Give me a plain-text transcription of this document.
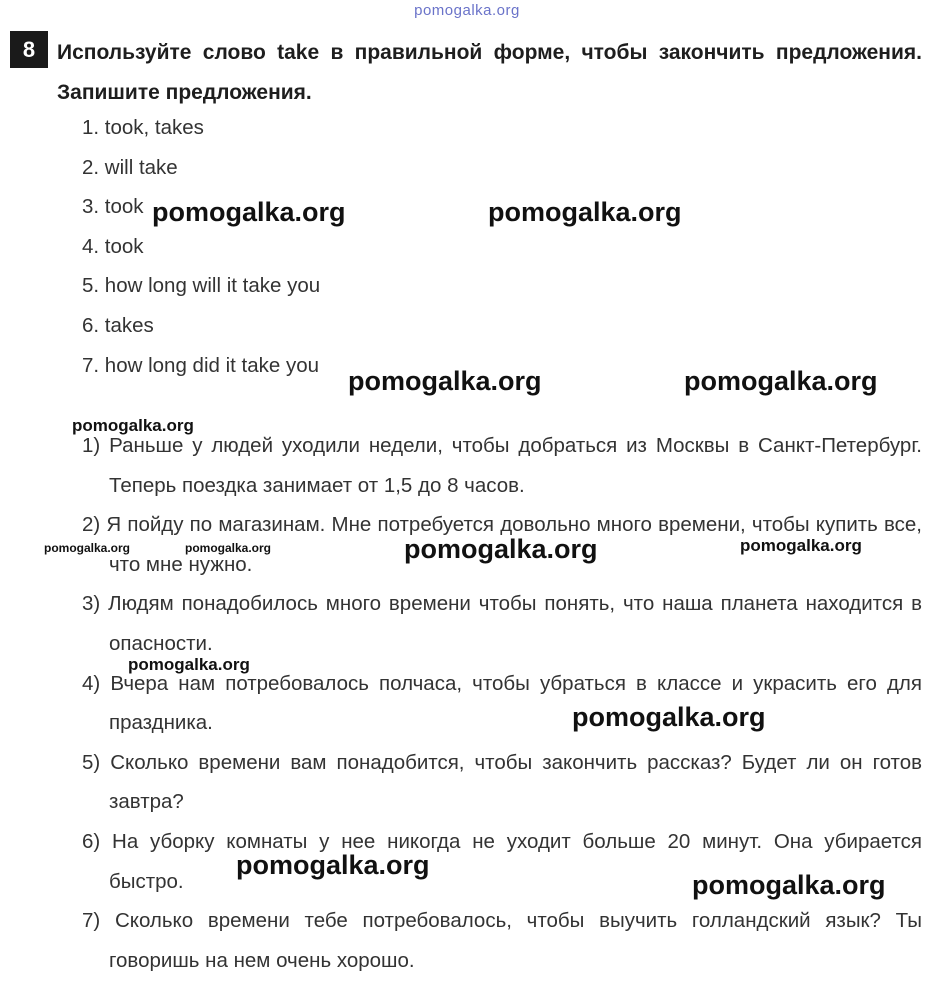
pomogalka.org
8	Используйте слово take в правильной форме, чтобы закончить предложения. Запишите предложения.
1. took, takes
2. will take
3. took
4. took
5. how long will it take you
6. takes
7. how long did it take you
1) Раньше у людей уходили недели, чтобы добраться из Москвы в Санкт-Петербург. Теперь поездка занимает от 1,5 до 8 часов.
2) Я пойду по магазинам. Мне потребуется довольно много времени, чтобы купить все, что мне нужно.
3) Людям понадобилось много времени чтобы понять, что наша планета находится в опасности.
4) Вчера нам потребовалось полчаса, чтобы убраться в классе и украсить его для праздника.
5) Сколько времени вам понадобится, чтобы закончить рассказ? Будет ли он готов завтра?
6) На уборку комнаты у нее никогда не уходит больше 20 минут. Она убирается быстро.
7) Сколько времени тебе потребовалось, чтобы выучить голландский язык? Ты говоришь на нем очень хорошо.
pomogalka.org	pomogalka.org
pomogalka.org	pomogalka.org
pomogalka.org
pomogalka.org	pomogalka.org	pomogalka.org	pomogalka.org
pomogalka.org
pomogalka.org
pomogalka.org
pomogalka.org
